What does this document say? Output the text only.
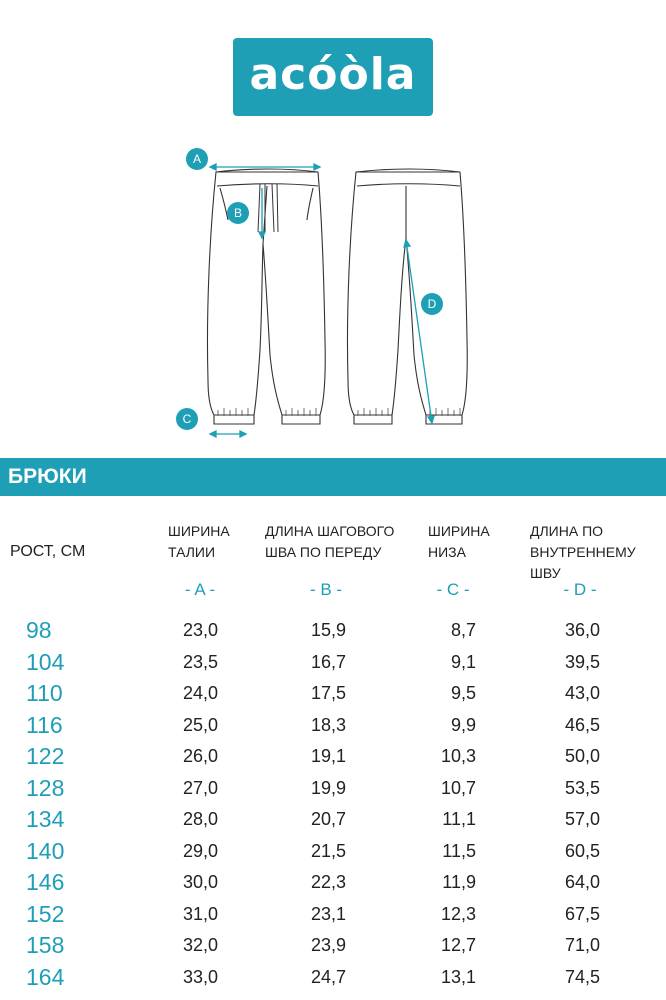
acóòla
A
B
C
D
БРЮКИ
РОСТ, СМ
ШИРИНА
ТАЛИИ
ДЛИНА ШАГОВОГО
ШВА ПО ПЕРЕДУ
ШИРИНА
НИЗА
ДЛИНА ПО
ВНУТРЕННЕМУ ШВУ
- A -	- B -	- C -	- D -
98	23,0	15,9	8,7	36,0
104	23,5	16,7	9,1	39,5
110	24,0	17,5	9,5	43,0
116	25,0	18,3	9,9	46,5
122	26,0	19,1	10,3	50,0
128	27,0	19,9	10,7	53,5
134	28,0	20,7	11,1	57,0
140	29,0	21,5	11,5	60,5
146	30,0	22,3	11,9	64,0
152	31,0	23,1	12,3	67,5
158	32,0	23,9	12,7	71,0
164	33,0	24,7	13,1	74,5
